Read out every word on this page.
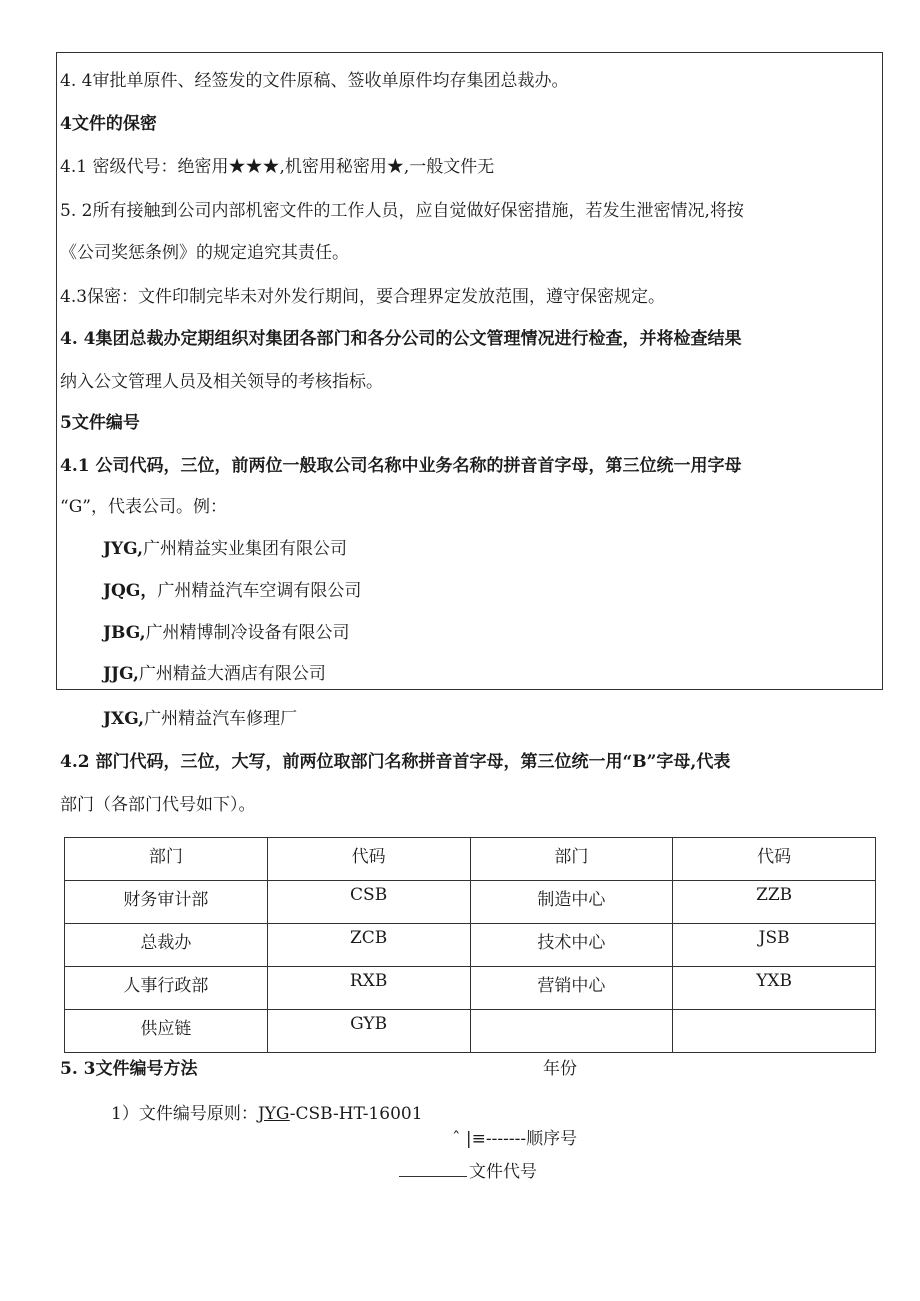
4. 4审批单原件、经签发的文件原稿、签收单原件均存集团总裁办。
4文件的保密
4.1 密级代号：绝密用★★★,机密用秘密用★,一般文件无
5. 2所有接触到公司内部机密文件的工作人员，应自觉做好保密措施，若发生泄密情况,将按
《公司奖惩条例》的规定追究其责任。
4.3保密：文件印制完毕未对外发行期间，要合理界定发放范围，遵守保密规定。
4. 4集团总裁办定期组织对集团各部门和各分公司的公文管理情况进行检查，并将检查结果
纳入公文管理人员及相关领导的考核指标。
5文件编号
4.1 公司代码，三位，前两位一般取公司名称中业务名称的拼音首字母，第三位统一用字母
“G”，代表公司。例：
JYG,广州精益实业集团有限公司
JQG，广州精益汽车空调有限公司
JBG,广州精博制冷设备有限公司
JJG,广州精益大酒店有限公司
JXG,广州精益汽车修理厂
4.2 部门代码，三位，大写，前两位取部门名称拼音首字母，第三位统一用“B”字母,代表
部门（各部门代号如下）。
部门	代码	部门	代码
财务审计部	CSB	制造中心	ZZB
总裁办	ZCB	技术中心	JSB
人事行政部	RXB	营销中心	YXB
供应链	GYB		
5. 3文件编号方法	年份
1）文件编号原则：JYG-CSB-HT-16001
ˆ |≡-------顺序号
文件代号
